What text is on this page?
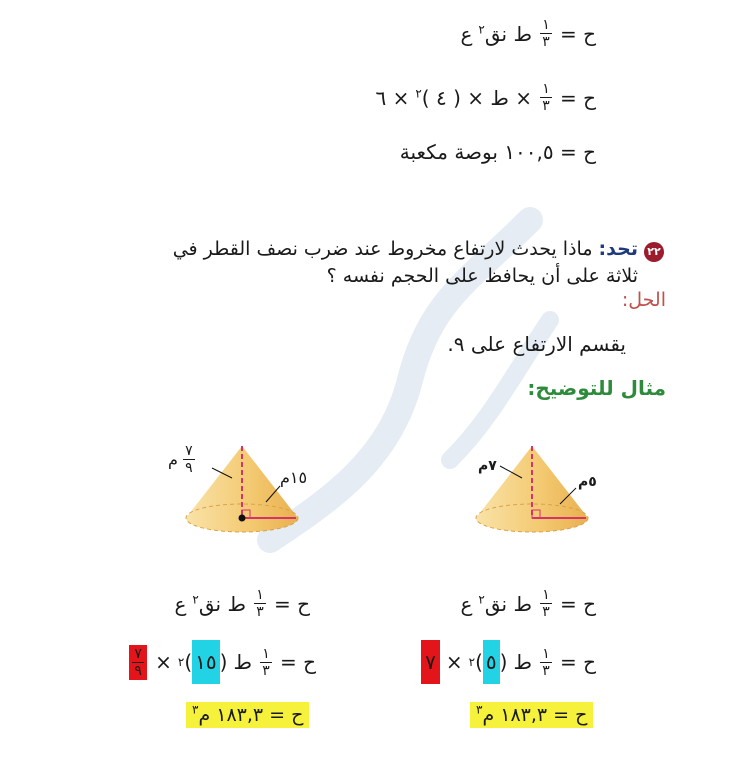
ح =
$\frac{١}{٣}$
ط نق$^٢$
ع
ح =
$\frac{١}{٣}$
× ط × ( ٤ )$^٢$
× ٦
ح = ١٠٠,٥ بوصة مكعبة
٢٢ تحد: ماذا يحدث لارتفاع مخروط عند ضرب نصف القطر في
ثلاثة على أن يحافظ على الحجم نفسه ؟
الحل:
يقسم الارتفاع على ٩.
مثال للتوضيح:
$\frac{٧}{٩}$
م
١٥م
٧م
٥م
ح =
$\frac{١}{٣}$
ط نق$^٢$
ع
ح =
$\frac{١}{٣}$
ط
(
١٥
)
٢
×
$\frac{٧}{٩}$
ح = ١٨٣,٣ م$^٣$
ح =
$\frac{١}{٣}$
ط نق$^٢$
ع
ح =
$\frac{١}{٣}$
ط
(
٥
)
٢
×
٧
ح = ١٨٣,٣ م$^٣$
